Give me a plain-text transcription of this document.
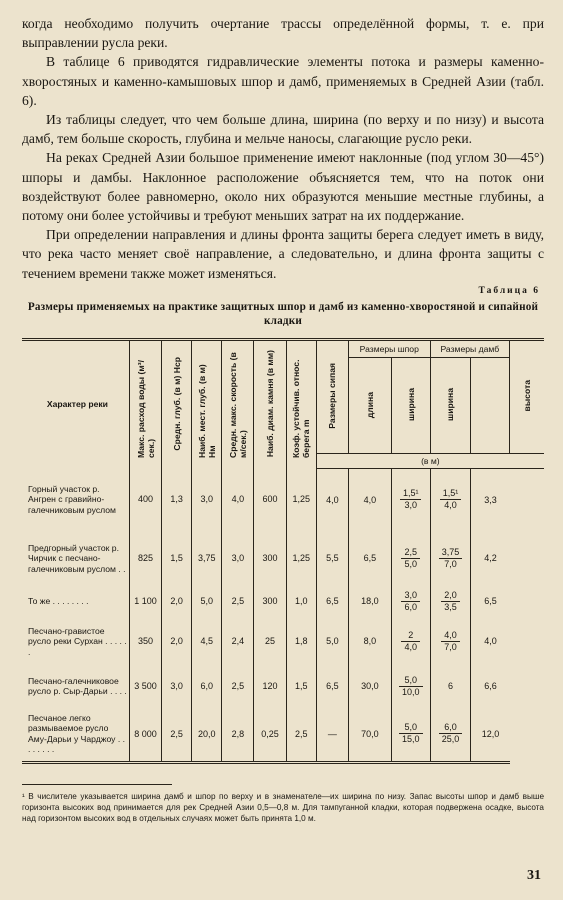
когда необходимо получить очертание трассы определённой формы, т. е. при выправлении русла реки.

В таблице 6 приводятся гидравлические элементы потока и размеры каменно-хворостяных и каменно-камышовых шпор и дамб, применяемых в Средней Азии (табл. 6).

Из таблицы следует, что чем больше длина, ширина (по верху и по низу) и высота дамб, тем больше скорость, глубина и мельче наносы, слагающие русло реки.

На реках Средней Азии большое применение имеют наклонные (под углом 30—45°) шпоры и дамбы. Наклонное расположение объясняется тем, что на поток они воздействуют более равномерно, около них образуются меньшие местные глубины, а потому они более устойчивы и требуют меньших затрат на их поддержание.

При определении направления и длины фронта защиты берега следует иметь в виду, что река часто меняет своё направление, а следовательно, и длина фронта защиты с течением времени также может изменяться.

Таблица 6
Размеры применяемых на практике защитных шпор и дамб из каменно-хворостяной и сипайной кладки
Характер реки	Макс. расход воды (м³/сек.)	Средн. глуб. (в м) Hср	Наиб. мест. глуб. (в м) Hм	Средн. макс. скорость (в м/сек.)	Наиб. диам. камня (в мм)	Коэф. устойчив. относ. берега m	Размеры сипая	Размеры шпор		Размеры дамб		высота
								длина	ширина	ширина		
							(в м)					
Горный участок р. Ангрен с гравийно-галечниковым руслом	400	1,3	3,0	4,0	600	1,25	4,0	4,0	$\frac{\text{1,5¹}}{3,0}$	$\frac{\text{1,5¹}}{4,0}$	3,3	
Предгорный участок р. Чирчик с песчано-галечниковым руслом . .	825	1,5	3,75	3,0	300	1,25	5,5	6,5	$\frac{2,5}{5,0}$	$\frac{3,75}{7,0}$	4,2	
То же . . . . . . . .	1 100	2,0	5,0	2,5	300	1,0	6,5	18,0	$\frac{3,0}{6,0}$	$\frac{2,0}{3,5}$	6,5	
Песчано-гравистое русло реки Сурхан . . . . . .	350	2,0	4,5	2,4	25	1,8	5,0	8,0	$\frac{2}{4,0}$	$\frac{4,0}{7,0}$	4,0	
Песчано-галечниковое русло р. Сыр-Дарьи . . . .	3 500	3,0	6,0	2,5	120	1,5	6,5	30,0	$\frac{5,0}{10,0}$	6	6,6	
Песчаное легко размываемое русло Аму-Дарьи у Чарджоу . . . . . . . .	8 000	2,5	20,0	2,8	0,25	2,5	—	70,0	$\frac{5,0}{15,0}$	$\frac{6,0}{25,0}$	12,0	

¹ В числителе указывается ширина дамб и шпор по верху и в знаменателе—их ширина по низу. Запас высоты шпор и дамб выше горизонта высоких вод принимается для рек Средней Азии 0,5—0,8 м. Для тампуганной кладки, которая подвержена осадке, высота над горизонтом высоких вод в отдельных случаях может быть принята 1,0 м.

31
